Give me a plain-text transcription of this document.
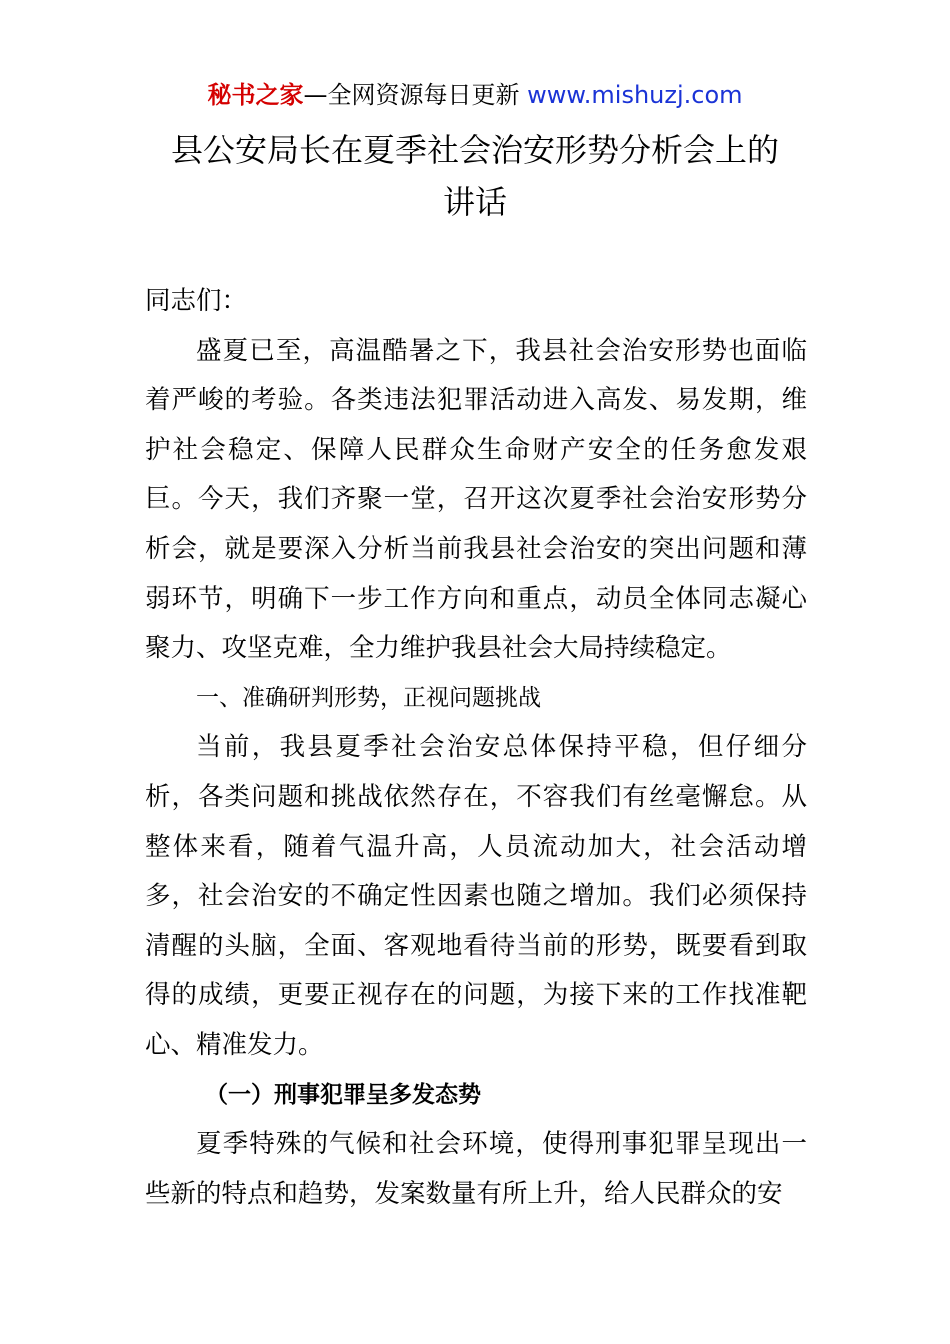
秘书之家—全网资源每日更新 www.mishuzj.com
县公安局长在夏季社会治安形势分析会上的
讲话

同志们：

盛夏已至，高温酷暑之下，我县社会治安形势也面临着严峻的考验。各类违法犯罪活动进入高发、易发期，维护社会稳定、保障人民群众生命财产安全的任务愈发艰巨。今天，我们齐聚一堂，召开这次夏季社会治安形势分析会，就是要深入分析当前我县社会治安的突出问题和薄弱环节，明确下一步工作方向和重点，动员全体同志凝心聚力、攻坚克难，全力维护我县社会大局持续稳定。

一、准确研判形势，正视问题挑战

当前，我县夏季社会治安总体保持平稳，但仔细分析，各类问题和挑战依然存在，不容我们有丝毫懈怠。从整体来看，随着气温升高，人员流动加大，社会活动增多，社会治安的不确定性因素也随之增加。我们必须保持清醒的头脑，全面、客观地看待当前的形势，既要看到取得的成绩，更要正视存在的问题，为接下来的工作找准靶心、精准发力。

（一）刑事犯罪呈多发态势

夏季特殊的气候和社会环境，使得刑事犯罪呈现出一些新的特点和趋势，发案数量有所上升，给人民群众的安
